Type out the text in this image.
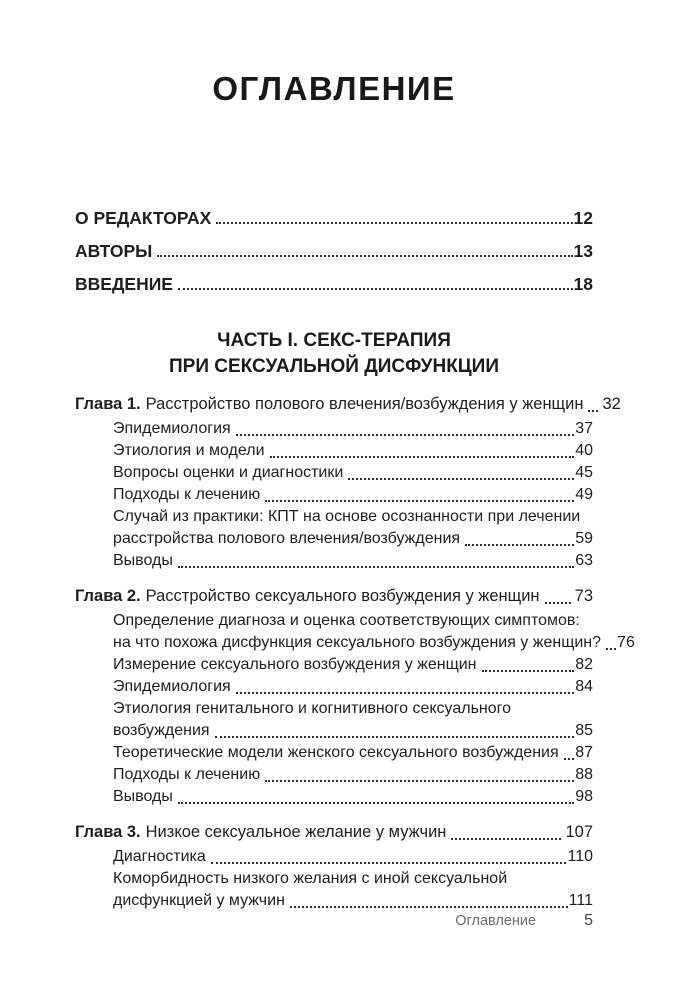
ОГЛАВЛЕНИЕ
О РЕДАКТОРАХ	12
АВТОРЫ	13
ВВЕДЕНИЕ	18
ЧАСТЬ I. СЕКС-ТЕРАПИЯ
ПРИ СЕКСУАЛЬНОЙ ДИСФУНКЦИИ
Глава 1. Расстройство полового влечения/возбуждения у женщин 32
Эпидемиология	37
Этиология и модели	40
Вопросы оценки и диагностики	45
Подходы к лечению	49
Случай из практики: КПТ на основе осознанности при лечении
расстройства полового влечения/возбуждения	59
Выводы	63
Глава 2. Расстройство сексуального возбуждения у женщин 73
Определение диагноза и оценка соответствующих симптомов:
на что похожа дисфункция сексуального возбуждения у женщин? 76
Измерение сексуального возбуждения у женщин	82
Эпидемиология	84
Этиология генитального и когнитивного сексуального
возбуждения	85
Теоретические модели женского сексуального возбуждения 87
Подходы к лечению	88
Выводы	98
Глава 3. Низкое сексуальное желание у мужчин	107
Диагностика	110
Коморбидность низкого желания с иной сексуальной
дисфункцией у мужчин	111
Оглавление	5
